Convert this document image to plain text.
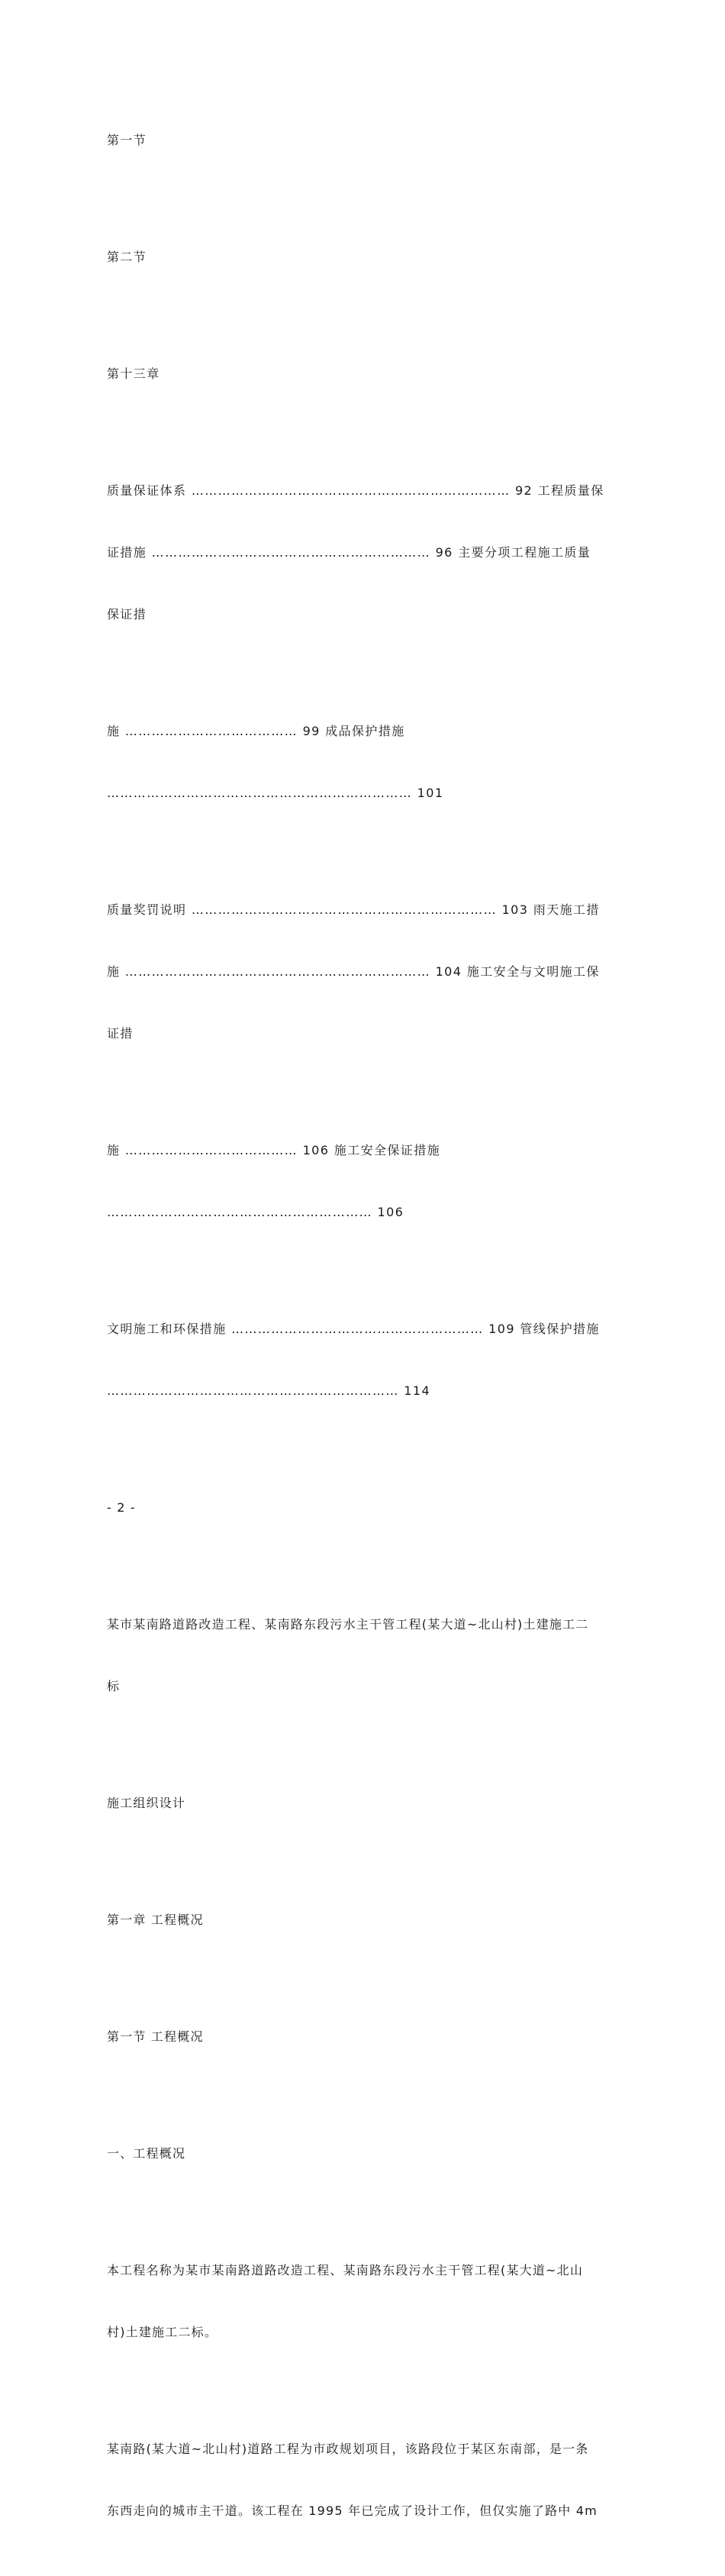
第一节

第二节

第十三章

质量保证体系 ……………………………………………………………… 92 工程质量保

证措施 ……………………………………………………… 96 主要分项工程施工质量

保证措

施 ………………………………… 99 成品保护措施

…………………………………………………………… 101

质量奖罚说明 …………………………………………………………… 103 雨天施工措

施 …………………………………………………………… 104 施工安全与文明施工保

证措

施 ………………………………… 106 施工安全保证措施

…………………………………………………… 106

文明施工和环保措施 ………………………………………………… 109 管线保护措施

………………………………………………………… 114

- 2 -

某市某南路道路改造工程、某南路东段污水主干管工程(某大道~北山村)土建施工二

标

施工组织设计

第一章 工程概况

第一节 工程概况

一、工程概况

本工程名称为某市某南路道路改造工程、某南路东段污水主干管工程(某大道~北山

村)土建施工二标。

某南路(某大道~北山村)道路工程为市政规划项目，该路段位于某区东南部，是一条

东西走向的城市主干道。该工程在 1995 年已完成了设计工作，但仅实施了路中 4m
